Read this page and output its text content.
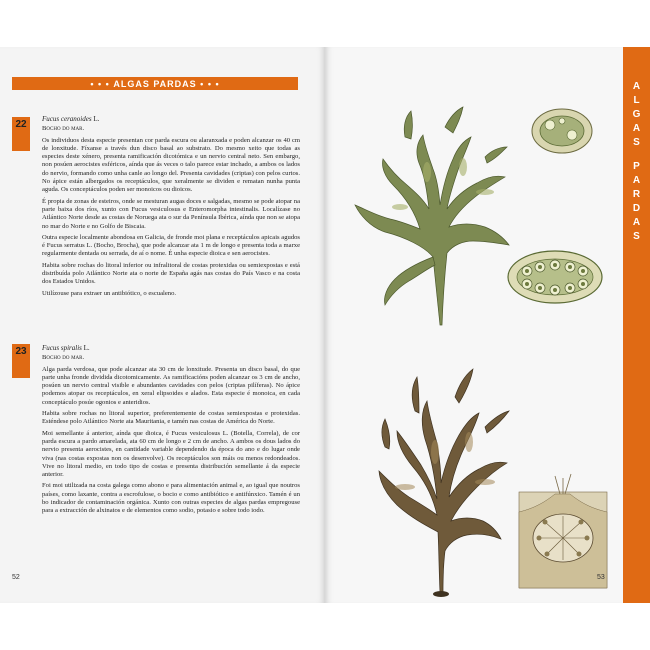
• • • ALGAS PARDAS • • •
22	Fucus ceranoides L.

Bocho do mar.

Os individuos desta especie presentan cor parda escura ou alaranxada e poden alcanzar os 40 cm de lonxitude. Fíxanse a través dun disco basal ao substrato. Do mesmo xeito que todas as especies deste xénero, presenta ramificación dicotómica e un nervio central neto. Sen embargo, non posúen aerocistes esféricos, aínda que ás veces o talo parece estar inchado, a ambos os lados do nervio, formando como unha canle ao longo del. Presenta cavidades (criptas) con pelos curtos. No ápice están albergados os receptáculos, que xeralmente se dividen e rematan nunha punta aguda. Os conceptáculos poden ser monoicos ou dioicos.

É propia de zonas de esteiros, onde se mesturan augas doces e salgadas, mesmo se pode atopar na parte baixa dos ríos, xunto con Fucus vesiculosus e Enteromorpha intestinalis. Localízase no Atlántico Norte desde as costas de Noruega ata o sur da Península Ibérica, aínda que non se atopa no mar do Norte e no Golfo de Biscaia.

Outra especie localmente abondosa en Galicia, de fronde moi plana e receptáculos apicais agudos é Fucus serratus L. (Bocho, Brocha), que pode alcanzar ata 1 m de longo e presenta toda a marxe regularmente dentada ou serrada, de aí o nome. É unha especie dioica e sen aerocistes.

Habita sobre rochas do litoral inferior ou infralitoral de costas protexidas ou semiexpostas e está distribuída polo Atlántico Norte ata o norte de España agás nas costas do País Vasco e na costa dos Estados Unidos.

Utilízouse para extraer un antibiótico, o escualeno.

23	Fucus spiralis L.

Bocho do mar.

Alga parda verdosa, que pode alcanzar ata 30 cm de lonxitude. Presenta un disco basal, do que parte unha fronde dividida dicotomicamente. As ramificacións poden alcanzar os 3 cm de ancho, posúen un nervio central visible e abundantes cavidades con pelos (criptas pilíferas). No ápice podemos atopar os receptáculos, en xeral elipsoides e alados. Esta especie é monoica, en cada conceptáculo posúe ogonios e anteridios.

Habita sobre rochas no litoral superior, preferentemente de costas semiexpostas e protexidas. Esténdese polo Atlántico Norte ata Mauritania, e tamén nas costas de América do Norte.

Moi semellante á anterior, aínda que dioica, é Fucus vesiculosus L. (Botella, Correla), de cor parda escura a pardo amarelada, ata 60 cm de longo e 2 cm de ancho. A ambos os dous lados do nervio presenta aerocistes, en cantidade variable dependendo da época do ano e do lugar onde viva (nas costas expostas non os desenvolve). Os receptáculos son máis ou menos redondeados. Vive no litoral medio, en todo tipo de costas e presenta distribución semellante á da especie anterior.

Foi moi utilizada na costa galega como abono e para alimentación animal e, ao igual que noutros países, como laxante, contra a escrofulose, o bocio e como antibiótico e antifúnxico. Tamén é un bo indicador de contaminación orgánica. Xunto con outras especies de algas pardas empregouse para a extracción de alxinatos e de elementos como sodio, potasio e sobre todo iodo.

52	53
A
L
G
A
S
P
A
R
D
A
S
